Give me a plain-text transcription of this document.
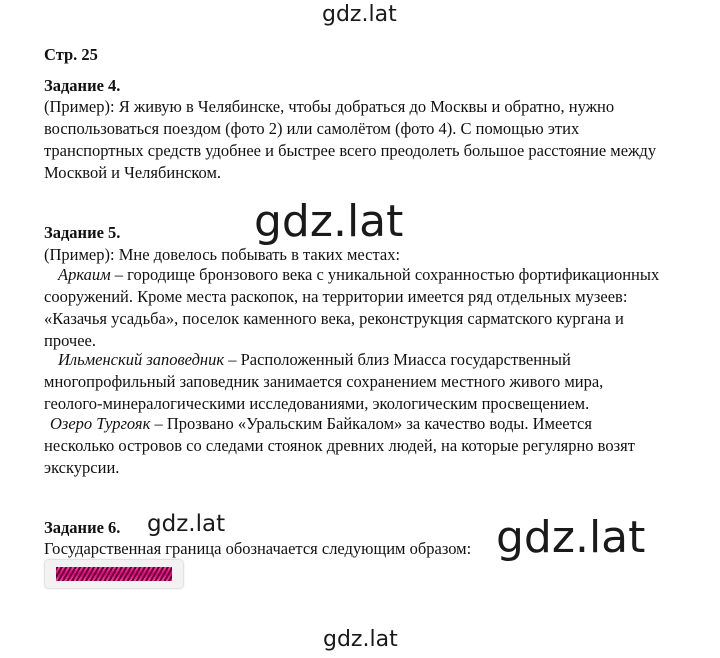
gdz.lat
gdz.lat
gdz.lat	gdz.lat
gdz.lat
Стр. 25
Задание 4.
(Пример): Я живую в Челябинске, чтобы добраться до Москвы и обратно, нужно
воспользоваться поездом (фото 2) или самолётом (фото 4). С помощью этих
транспортных средств удобнее и быстрее всего преодолеть большое расстояние между
Москвой и Челябинском.
Задание 5.
(Пример): Мне довелось побывать в таких местах:
Аркаим – городище бронзового века с уникальной сохранностью фортификационных
сооружений. Кроме места раскопок, на территории имеется ряд отдельных музеев:
«Казачья усадьба», поселок каменного века, реконструкция сарматского кургана и
прочее.
Ильменский заповедник – Расположенный близ Миасса государственный
многопрофильный заповедник занимается сохранением местного живого мира,
геолого-минералогическими исследованиями, экологическим просвещением.
Озеро Тургояк – Прозвано «Уральским Байкалом» за качество воды. Имеется
несколько островов со следами стоянок древних людей, на которые регулярно возят
экскурсии.
Задание 6.
Государственная граница обозначается следующим образом:
